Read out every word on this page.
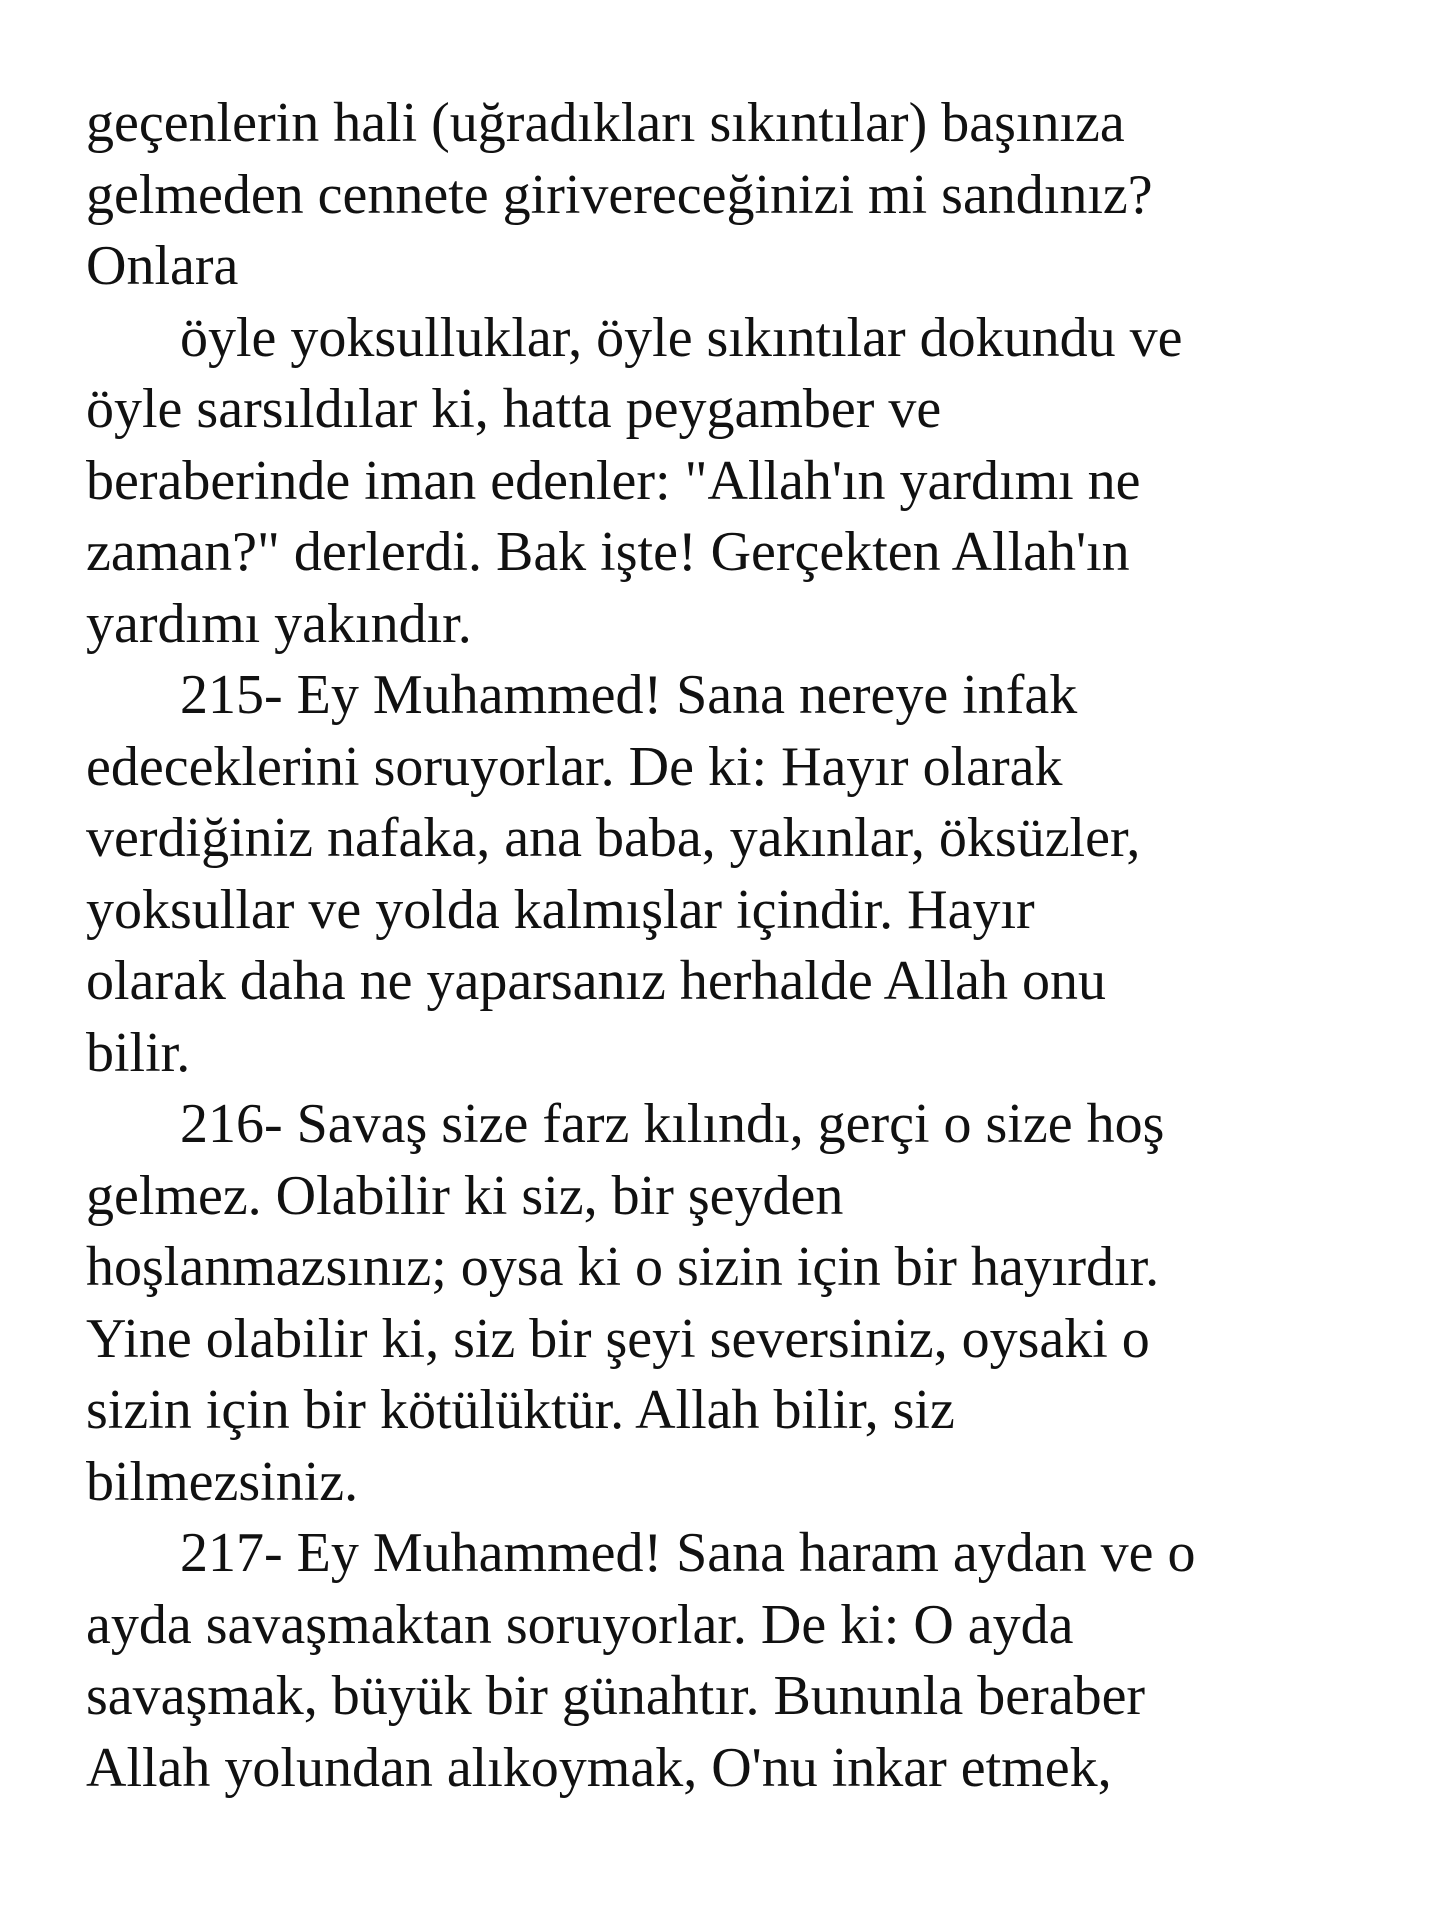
geçenlerin hali (uğradıkları sıkıntılar) başınıza
gelmeden cennete girivereceğinizi mi sandınız?
Onlara
öyle yoksulluklar, öyle sıkıntılar dokundu ve
öyle sarsıldılar ki, hatta peygamber ve
beraberinde iman edenler: "Allah'ın yardımı ne
zaman?" derlerdi. Bak işte! Gerçekten Allah'ın
yardımı yakındır.
215- Ey Muhammed! Sana nereye infak
edeceklerini soruyorlar. De ki: Hayır olarak
verdiğiniz nafaka, ana baba, yakınlar, öksüzler,
yoksullar ve yolda kalmışlar içindir. Hayır
olarak daha ne yaparsanız herhalde Allah onu
bilir.
216- Savaş size farz kılındı, gerçi o size hoş
gelmez. Olabilir ki siz, bir şeyden
hoşlanmazsınız; oysa ki o sizin için bir hayırdır.
Yine olabilir ki, siz bir şeyi seversiniz, oysaki o
sizin için bir kötülüktür. Allah bilir, siz
bilmezsiniz.
217- Ey Muhammed! Sana haram aydan ve o
ayda savaşmaktan soruyorlar. De ki: O ayda
savaşmak, büyük bir günahtır. Bununla beraber
Allah yolundan alıkoymak, O'nu inkar etmek,
